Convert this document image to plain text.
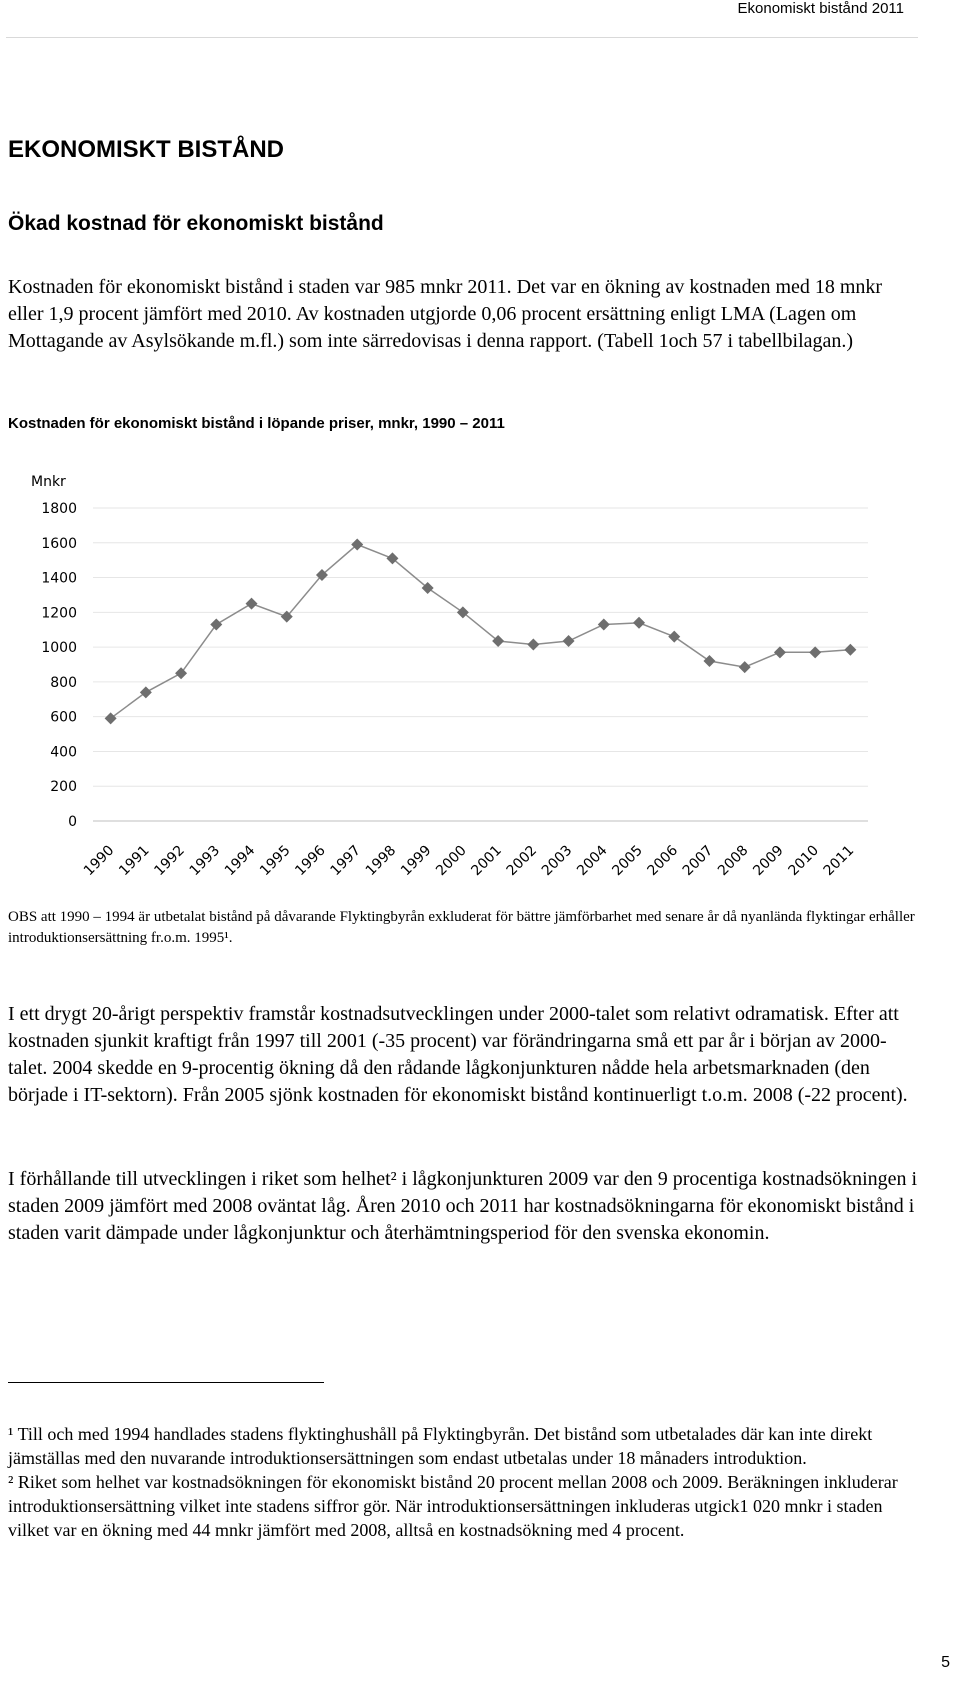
Ekonomiskt bistånd 2011
EKONOMISKT BISTÅND
Ökad kostnad för ekonomiskt bistånd

Kostnaden för ekonomiskt bistånd i staden var 985 mnkr 2011. Det var en ökning av kostnaden med 18 mnkr eller 1,9 procent jämfört med 2010. Av kostnaden utgjorde 0,06 procent ersättning enligt LMA (Lagen om Mottagande av Asylsökande m.fl.) som inte särredovisas i denna rapport. (Tabell 1och 57 i tabellbilagan.)

Kostnaden för ekonomiskt bistånd i löpande priser, mnkr, 1990 – 2011

Mnkr
0
200
400
600
800
1000
1200
1400
1600
1800
1990
1991
1992
1993
1994
1995
1996
1997
1998
1999
2000
2001
2002
2003
2004
2005
2006
2007
2008
2009
2010
2011

OBS att 1990 – 1994 är utbetalat bistånd på dåvarande Flyktingbyrån exkluderat för bättre jämförbarhet med senare år då nyanlända flyktingar erhåller introduktionsersättning fr.o.m. 1995¹.

I ett drygt 20-årigt perspektiv framstår kostnadsutvecklingen under 2000-talet som relativt odramatisk. Efter att kostnaden sjunkit kraftigt från 1997 till 2001 (-35 procent) var förändringarna små ett par år i början av 2000-talet. 2004 skedde en 9-procentig ökning då den rådande lågkonjunkturen nådde hela arbetsmarknaden (den började i IT-sektorn). Från 2005 sjönk kostnaden för ekonomiskt bistånd kontinuerligt t.o.m. 2008 (-22 procent).

I förhållande till utvecklingen i riket som helhet² i lågkonjunkturen 2009 var den 9 procentiga kostnadsökningen i staden 2009 jämfört med 2008 oväntat låg. Åren 2010 och 2011 har kostnadsökningarna för ekonomiskt bistånd i staden varit dämpade under lågkonjunktur och återhämtningsperiod för den svenska ekonomin.

¹ Till och med 1994 handlades stadens flyktinghushåll på Flyktingbyrån. Det bistånd som utbetalades där kan inte direkt jämställas med den nuvarande introduktionsersättningen som endast utbetalas under 18 månaders introduktion.

² Riket som helhet var kostnadsökningen för ekonomiskt bistånd 20 procent mellan 2008 och 2009. Beräkningen inkluderar introduktionsersättning vilket inte stadens siffror gör. När introduktionsersättningen inkluderas utgick1 020 mnkr i staden vilket var en ökning med 44 mnkr jämfört med 2008, alltså en kostnadsökning med 4 procent.

5
